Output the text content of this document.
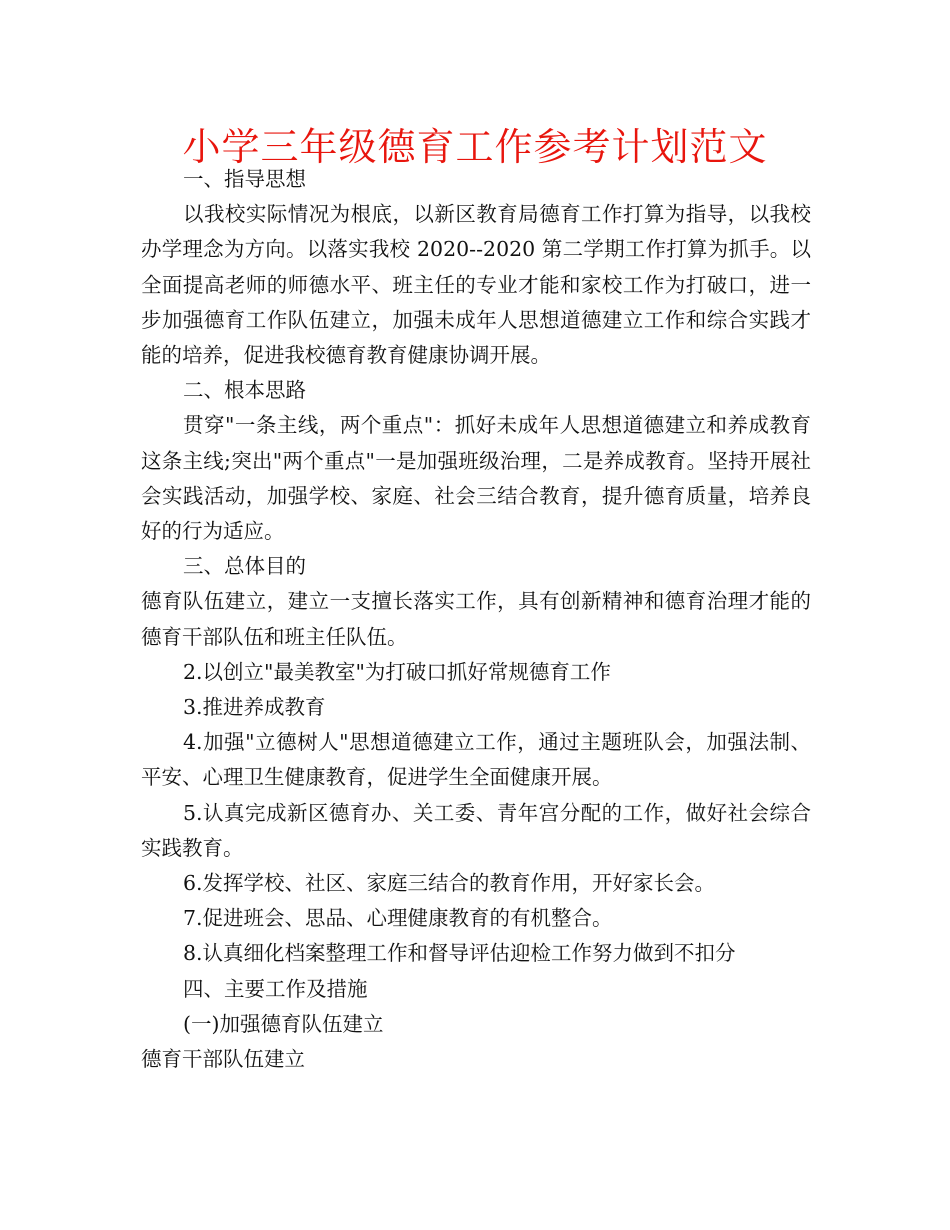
小学三年级德育工作参考计划范文

一、指导思想

以我校实际情况为根底，以新区教育局德育工作打算为指导，以我校办学理念为方向。以落实我校 2020--2020 第二学期工作打算为抓手。以全面提高老师的师德水平、班主任的专业才能和家校工作为打破口，进一步加强德育工作队伍建立，加强未成年人思想道德建立工作和综合实践才能的培养，促进我校德育教育健康协调开展。

二、根本思路

贯穿"一条主线，两个重点"：抓好未成年人思想道德建立和养成教育这条主线;突出"两个重点"一是加强班级治理，二是养成教育。坚持开展社会实践活动，加强学校、家庭、社会三结合教育，提升德育质量，培养良好的行为适应。

三、总体目的

德育队伍建立，建立一支擅长落实工作，具有创新精神和德育治理才能的德育干部队伍和班主任队伍。

2.以创立"最美教室"为打破口抓好常规德育工作

3.推进养成教育

4.加强"立德树人"思想道德建立工作，通过主题班队会，加强法制、平安、心理卫生健康教育，促进学生全面健康开展。

5.认真完成新区德育办、关工委、青年宫分配的工作，做好社会综合实践教育。

6.发挥学校、社区、家庭三结合的教育作用，开好家长会。

7.促进班会、思品、心理健康教育的有机整合。

8.认真细化档案整理工作和督导评估迎检工作努力做到不扣分

四、主要工作及措施

(一)加强德育队伍建立

德育干部队伍建立
